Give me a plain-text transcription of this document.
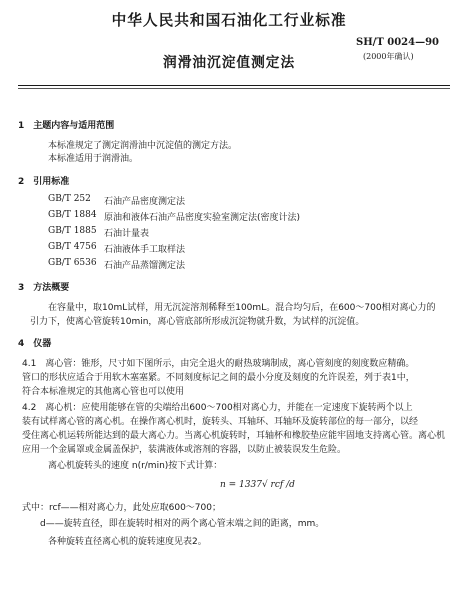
中华人民共和国石油化工行业标准
SH/T 0024—90
(2000年确认)
润滑油沉淀值测定法
1　主题内容与适用范围
本标准规定了测定润滑油中沉淀值的测定方法。
本标准适用于润滑油。
2　引用标准
GB/T 252 石油产品密度测定法
GB/T 1884 原油和液体石油产品密度实验室测定法(密度计法)
GB/T 1885 石油计量表
GB/T 4756 石油液体手工取样法
GB/T 6536 石油产品蒸馏测定法
3　方法概要
在容量中，取10mL试样，用无沉淀溶剂稀释至100mL。混合均匀后，在600～700相对离心力的
引力下，使离心管旋转10min，离心管底部所形成沉淀物就升数，为试样的沉淀值。
4　仪器
4.1　离心管：锥形，尺寸如下图所示，由完全退火的耐热玻璃制成，离心管刻度的刻度数应精确。
管口的形状应适合于用软木塞塞紧。不同刻度标记之间的最小分度及刻度的允许误差，列于表1中，
符合本标准规定的其他离心管也可以使用
4.2　离心机：应使用能够在管的尖端给出600～700相对离心力，并能在一定速度下旋转两个以上
装有试样离心管的离心机。在操作离心机时，旋转头、耳轴环、耳轴环及旋转部位的每一部分，以经
受住离心机运转所能达到的最大离心力。当离心机旋转时，耳轴杯和橡胶垫应能牢固地支持离心管。离心机
应用一个金属罩或金属盖保护，装满液体或溶剂的容器，以防止被装误发生危险。
离心机旋转头的速度 n(r/min)按下式计算：
n = 1337√ rcf /d
式中：rcf——相对离心力，此处应取600～700；
　　d——旋转直径，即在旋转时相对的两个离心管末端之间的距离，mm。
各种旋转直径离心机的旋转速度见表2。
